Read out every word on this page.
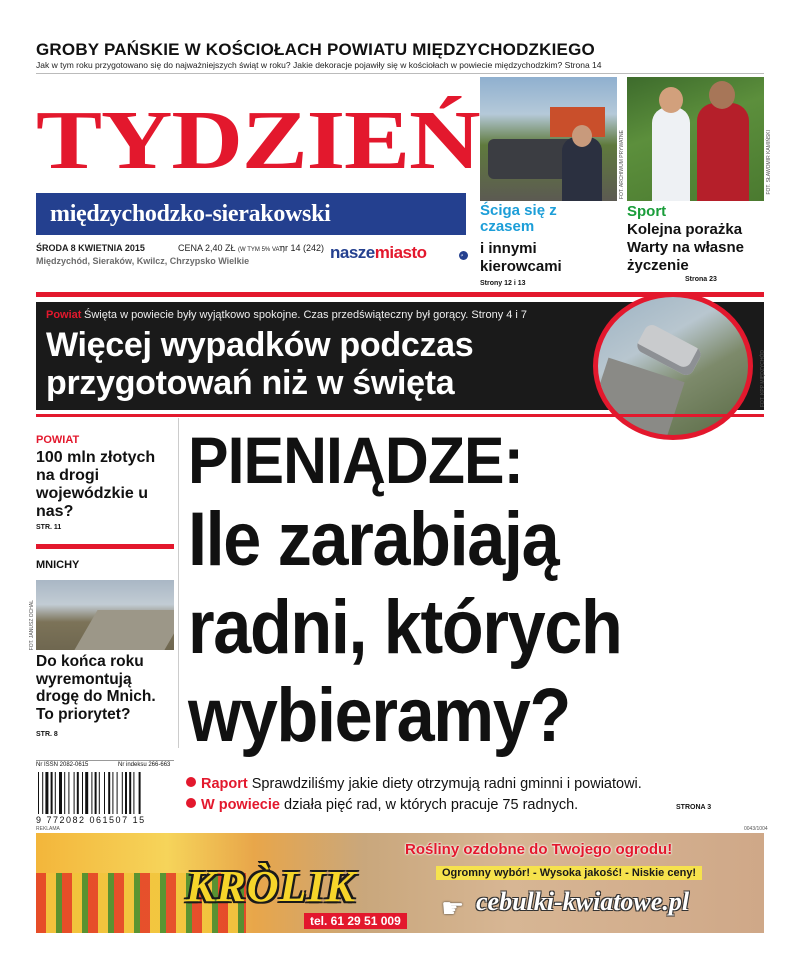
GROBY PAŃSKIE W KOŚCIOŁACH POWIATU MIĘDZYCHODZKIEGO
Jak w tym roku przygotowano się do najważniejszych świąt w roku? Jakie dekoracje pojawiły się w kościołach w powiecie międzychodzkim? Strona 14
TYDZIEŃ
międzychodzko-sierakowski
ŚRODA 8 KWIETNIA 2015	CENA 2,40 ZŁ (W TYM 5% VAT)
nr 14 (242)
Międzychód, Sieraków, Kwilcz, Chrzypsko Wielkie	naszemiasto	.pl
FOT. ARCHIWUM PRYWATNE	FOT. SŁAWOMIR KAMIŃSKI
Ściga się z czasem
i innymi kierowcami
Strony 12 i 13
Sport
Kolejna porażka Warty na własne życzenie
Strona 23
Powiat Święta w powiecie były wyjątkowo spokojne. Czas przedświąteczny był gorący. Strony 4 i 7
Więcej wypadków podczas przygotowań niż w święta	FOT. KPP MIĘDZYCHÓD
POWIAT
100 mln złotych na drogi wojewódzkie u nas?
STR. 11
MNICHY
FOT. JANUSZ OCHAL
Do końca roku wyremontują drogę do Mnich. To priorytet?
STR. 8
PIENIĄDZE:
Ile zarabiają radni, których wybieramy?
Raport Sprawdziliśmy jakie diety otrzymują radni gminni i powiatowi.
W powiecie działa pięć rad, w których pracuje 75 radnych.	STRONA 3
Nr ISSN 2082-0615	Nr indeksu 266-663
9 772082 061507 15
REKLAMA	0043/1004
KRÒLIK
tel. 61 29 51 009
Rośliny ozdobne do Twojego ogrodu!
Ogromny wybór! - Wysoka jakość! - Niskie ceny!
☛ cebulki-kwiatowe.pl
